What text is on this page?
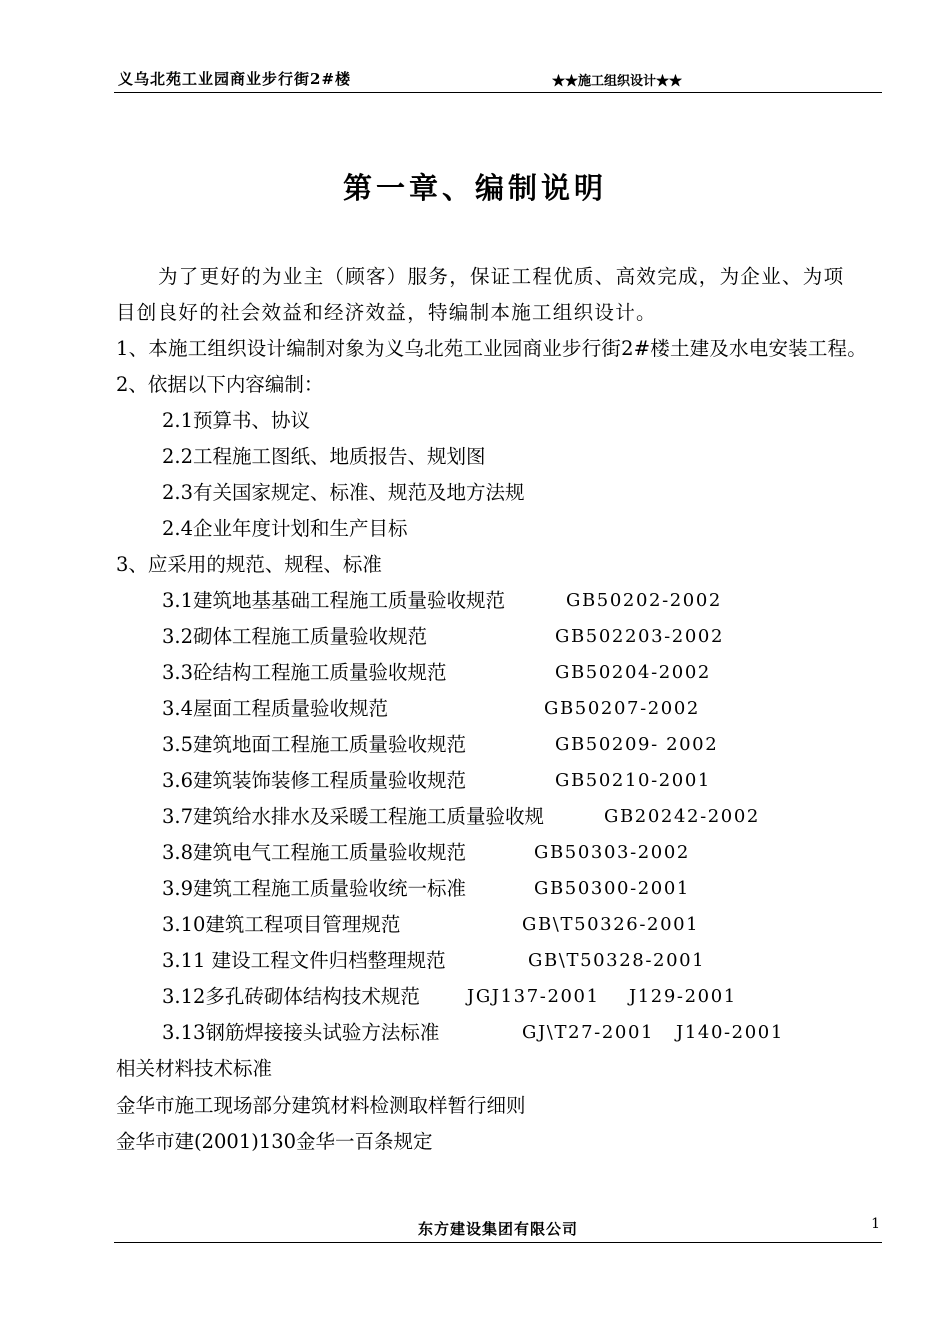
义乌北苑工业园商业步行街2#楼	★★施工组织设计★★
第一章、编制说明
为了更好的为业主（顾客）服务，保证工程优质、高效完成，为企业、为项
目创良好的社会效益和经济效益，特编制本施工组织设计。
1、本施工组织设计编制对象为义乌北苑工业园商业步行街2#楼土建及水电安装工程。
2、依据以下内容编制：
2.1预算书、协议
2.2工程施工图纸、地质报告、规划图
2.3有关国家规定、标准、规范及地方法规
2.4企业年度计划和生产目标
3、应采用的规范、规程、标准
3.1建筑地基基础工程施工质量验收规范	GB50202-2002
3.2砌体工程施工质量验收规范	GB502203-2002
3.3砼结构工程施工质量验收规范	GB50204-2002
3.4屋面工程质量验收规范	GB50207-2002
3.5建筑地面工程施工质量验收规范	GB50209- 2002
3.6建筑装饰装修工程质量验收规范	GB50210-2001
3.7建筑给水排水及采暖工程施工质量验收规	GB20242-2002
3.8建筑电气工程施工质量验收规范	GB50303-2002
3.9建筑工程施工质量验收统一标准	GB50300-2001
3.10建筑工程项目管理规范	GB\T50326-2001
3.11 建设工程文件归档整理规范	GB\T50328-2001
3.12多孔砖砌体结构技术规范	JGJ137-2001    J129-2001
3.13钢筋焊接接头试验方法标准	GJ\T27-2001   J140-2001
相关材料技术标准
金华市施工现场部分建筑材料检测取样暂行细则
金华市建(2001)130金华一百条规定
东方建设集团有限公司	1
